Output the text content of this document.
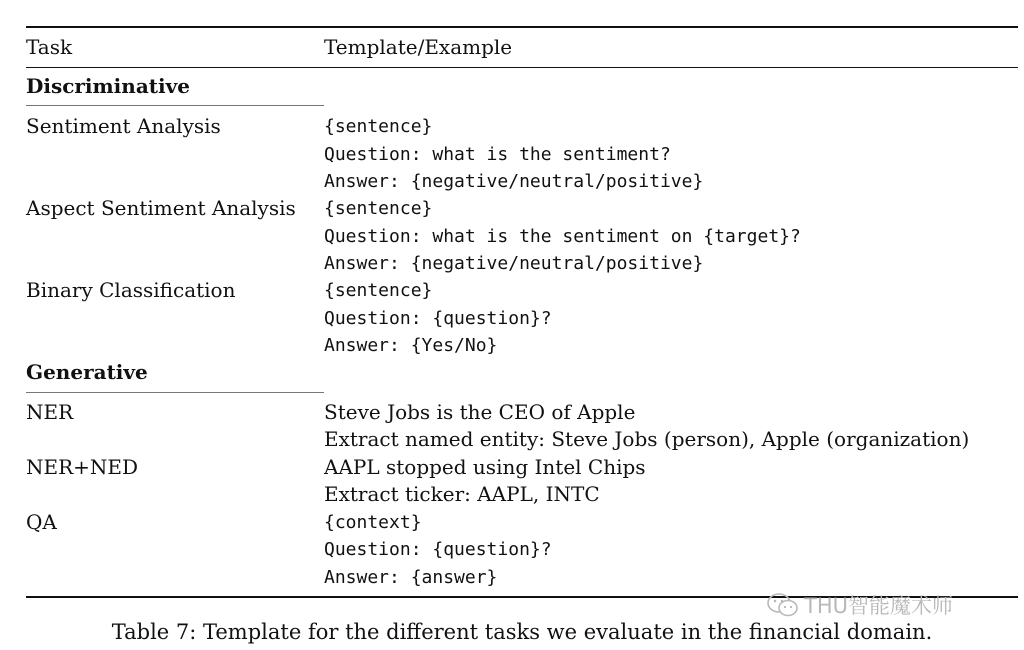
Task	Template/Example
Discriminative
Sentiment Analysis	{sentence}
Question: what is the sentiment?
Answer: {negative/neutral/positive}
Aspect Sentiment Analysis {sentence}
Question: what is the sentiment on {target}?
Answer: {negative/neutral/positive}
Binary Classification	{sentence}
Question: {question}?
Answer: {Yes/No}
Generative
NER	Steve Jobs is the CEO of Apple
Extract named entity: Steve Jobs (person), Apple (organization)
NER+NED	AAPL stopped using Intel Chips
Extract ticker: AAPL, INTC
QA	{context}
Question: {question}?
Answer: {answer}
THU智能魔术师
Table 7: Template for the different tasks we evaluate in the financial domain.
